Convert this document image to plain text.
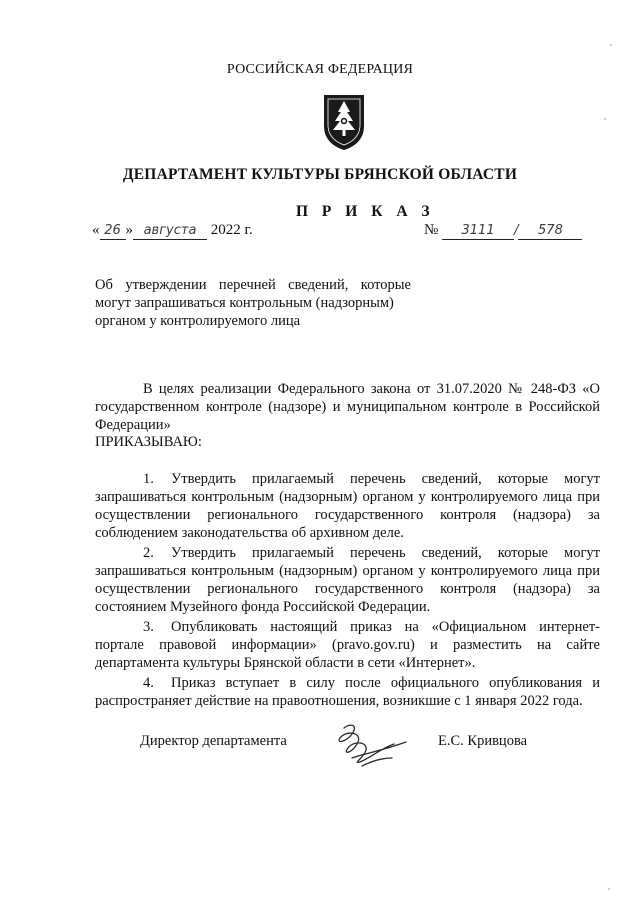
РОССИЙСКАЯ ФЕДЕРАЦИЯ
ДЕПАРТАМЕНТ КУЛЬТУРЫ БРЯНСКОЙ ОБЛАСТИ
П Р И К А З
« 26 » августа 2022 г.	№ 3111 / 578

Об утверждении перечней сведений, которые

могут запрашиваться контрольным (надзорным)

органом у контролируемого лица

В целях реализации Федерального закона от 31.07.2020 № 248-ФЗ «О государственном контроле (надзоре) и муниципальном контроле в Российской Федерации»

ПРИКАЗЫВАЮ:

1. Утвердить прилагаемый перечень сведений, которые могут запрашиваться контрольным (надзорным) органом у контролируемого лица при осуществлении регионального государственного контроля (надзора) за соблюдением законодательства об архивном деле.

2. Утвердить прилагаемый перечень сведений, которые могут запрашиваться контрольным (надзорным) органом у контролируемого лица при осуществлении регионального государственного контроля (надзора) за состоянием Музейного фонда Российской Федерации.

3. Опубликовать настоящий приказ на «Официальном интернет-портале правовой информации» (pravo.gov.ru) и разместить на сайте департамента культуры Брянской области в сети «Интернет».

4. Приказ вступает в силу после официального опубликования и распространяет действие на правоотношения, возникшие с 1 января 2022 года.

Директор департамента	Е.С. Кривцова
